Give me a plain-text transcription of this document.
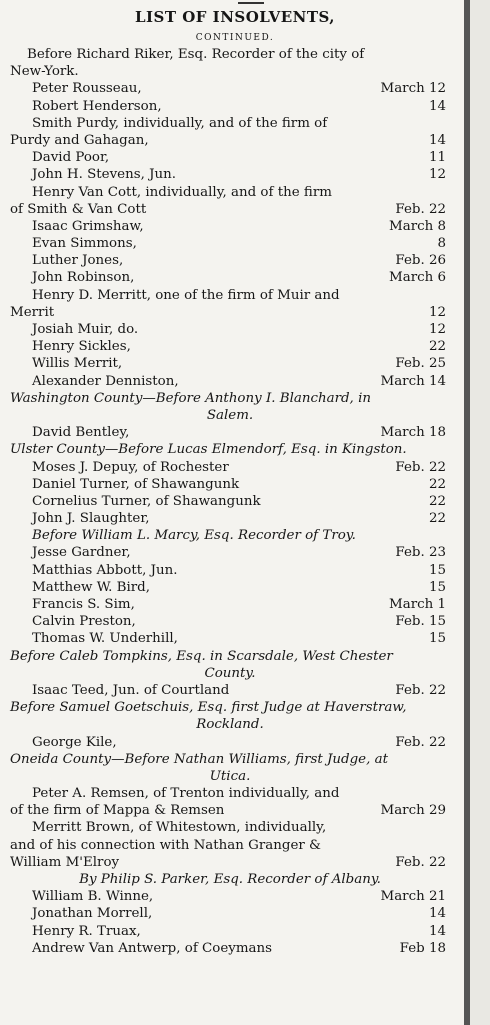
LIST OF INSOLVENTS,
CONTINUED.
Before Richard Riker, Esq. Recorder of the city of
New-York.
Peter Rousseau,	March 12
Robert Henderson,	14
Smith Purdy, individually, and of the firm of
Purdy and Gahagan,	14
David Poor,	11
John H. Stevens, Jun.	12
Henry Van Cott, individually, and of the firm
of Smith & Van Cott	Feb. 22
Isaac Grimshaw,	March 8
Evan Simmons,	8
Luther Jones,	Feb. 26
John Robinson,	March 6
Henry D. Merritt, one of the firm of Muir and
Merrit	12
Josiah Muir, do.	12
Henry Sickles,	22
Willis Merrit,	Feb. 25
Alexander Denniston,	March 14
Washington County—Before Anthony I. Blanchard, in
Salem.
David Bentley,	March 18
Ulster County—Before Lucas Elmendorf, Esq. in Kingston.
Moses J. Depuy, of Rochester	Feb. 22
Daniel Turner, of Shawangunk	22
Cornelius Turner, of Shawangunk	22
John J. Slaughter,	22
Before William L. Marcy, Esq. Recorder of Troy.
Jesse Gardner,	Feb. 23
Matthias Abbott, Jun.	15
Matthew W. Bird,	15
Francis S. Sim,	March 1
Calvin Preston,	Feb. 15
Thomas W. Underhill,	15
Before Caleb Tompkins, Esq. in Scarsdale, West Chester
County.
Isaac Teed, Jun. of Courtland	Feb. 22
Before Samuel Goetschuis, Esq. first Judge at Haverstraw,
Rockland.
George Kile,	Feb. 22
Oneida County—Before Nathan Williams, first Judge, at
Utica.
Peter A. Remsen, of Trenton individually, and
of the firm of Mappa & Remsen	March 29
Merritt Brown, of Whitestown, individually,
and of his connection with Nathan Granger &
William M'Elroy	Feb. 22
By Philip S. Parker, Esq. Recorder of Albany.
William B. Winne,	March 21
Jonathan Morrell,	14
Henry R. Truax,	14
Andrew Van Antwerp, of Coeymans	Feb 18
